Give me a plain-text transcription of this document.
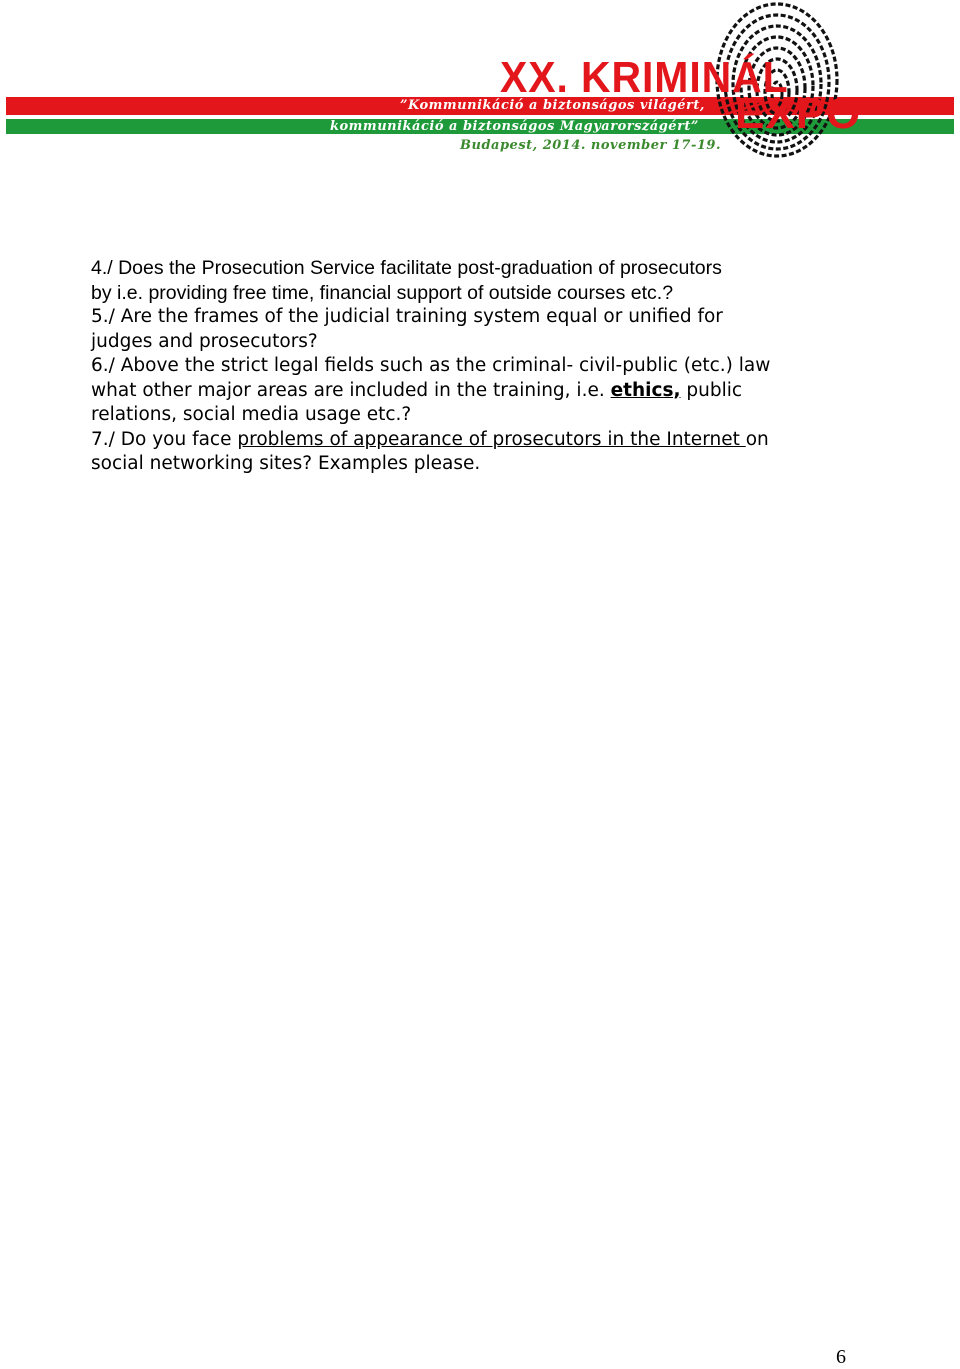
XX. KRIMINÁL
EXPO
”Kommunikáció a biztonságos világért,
kommunikáció a biztonságos Magyarországért”
Budapest, 2014. november 17-19.

4./ Does the Prosecution Service facilitate post-graduation of prosecutors

by i.e. providing free time, financial support of outside courses etc.?

5./ Are the frames of the judicial training system equal or unified for

judges and prosecutors?

6./ Above the strict legal fields such as the criminal- civil-public (etc.) law

what other major areas are included in the training, i.e. ethics, public

relations, social media usage etc.?

7./ Do you face problems of appearance of prosecutors in the Internet on

social networking sites? Examples please.

6
